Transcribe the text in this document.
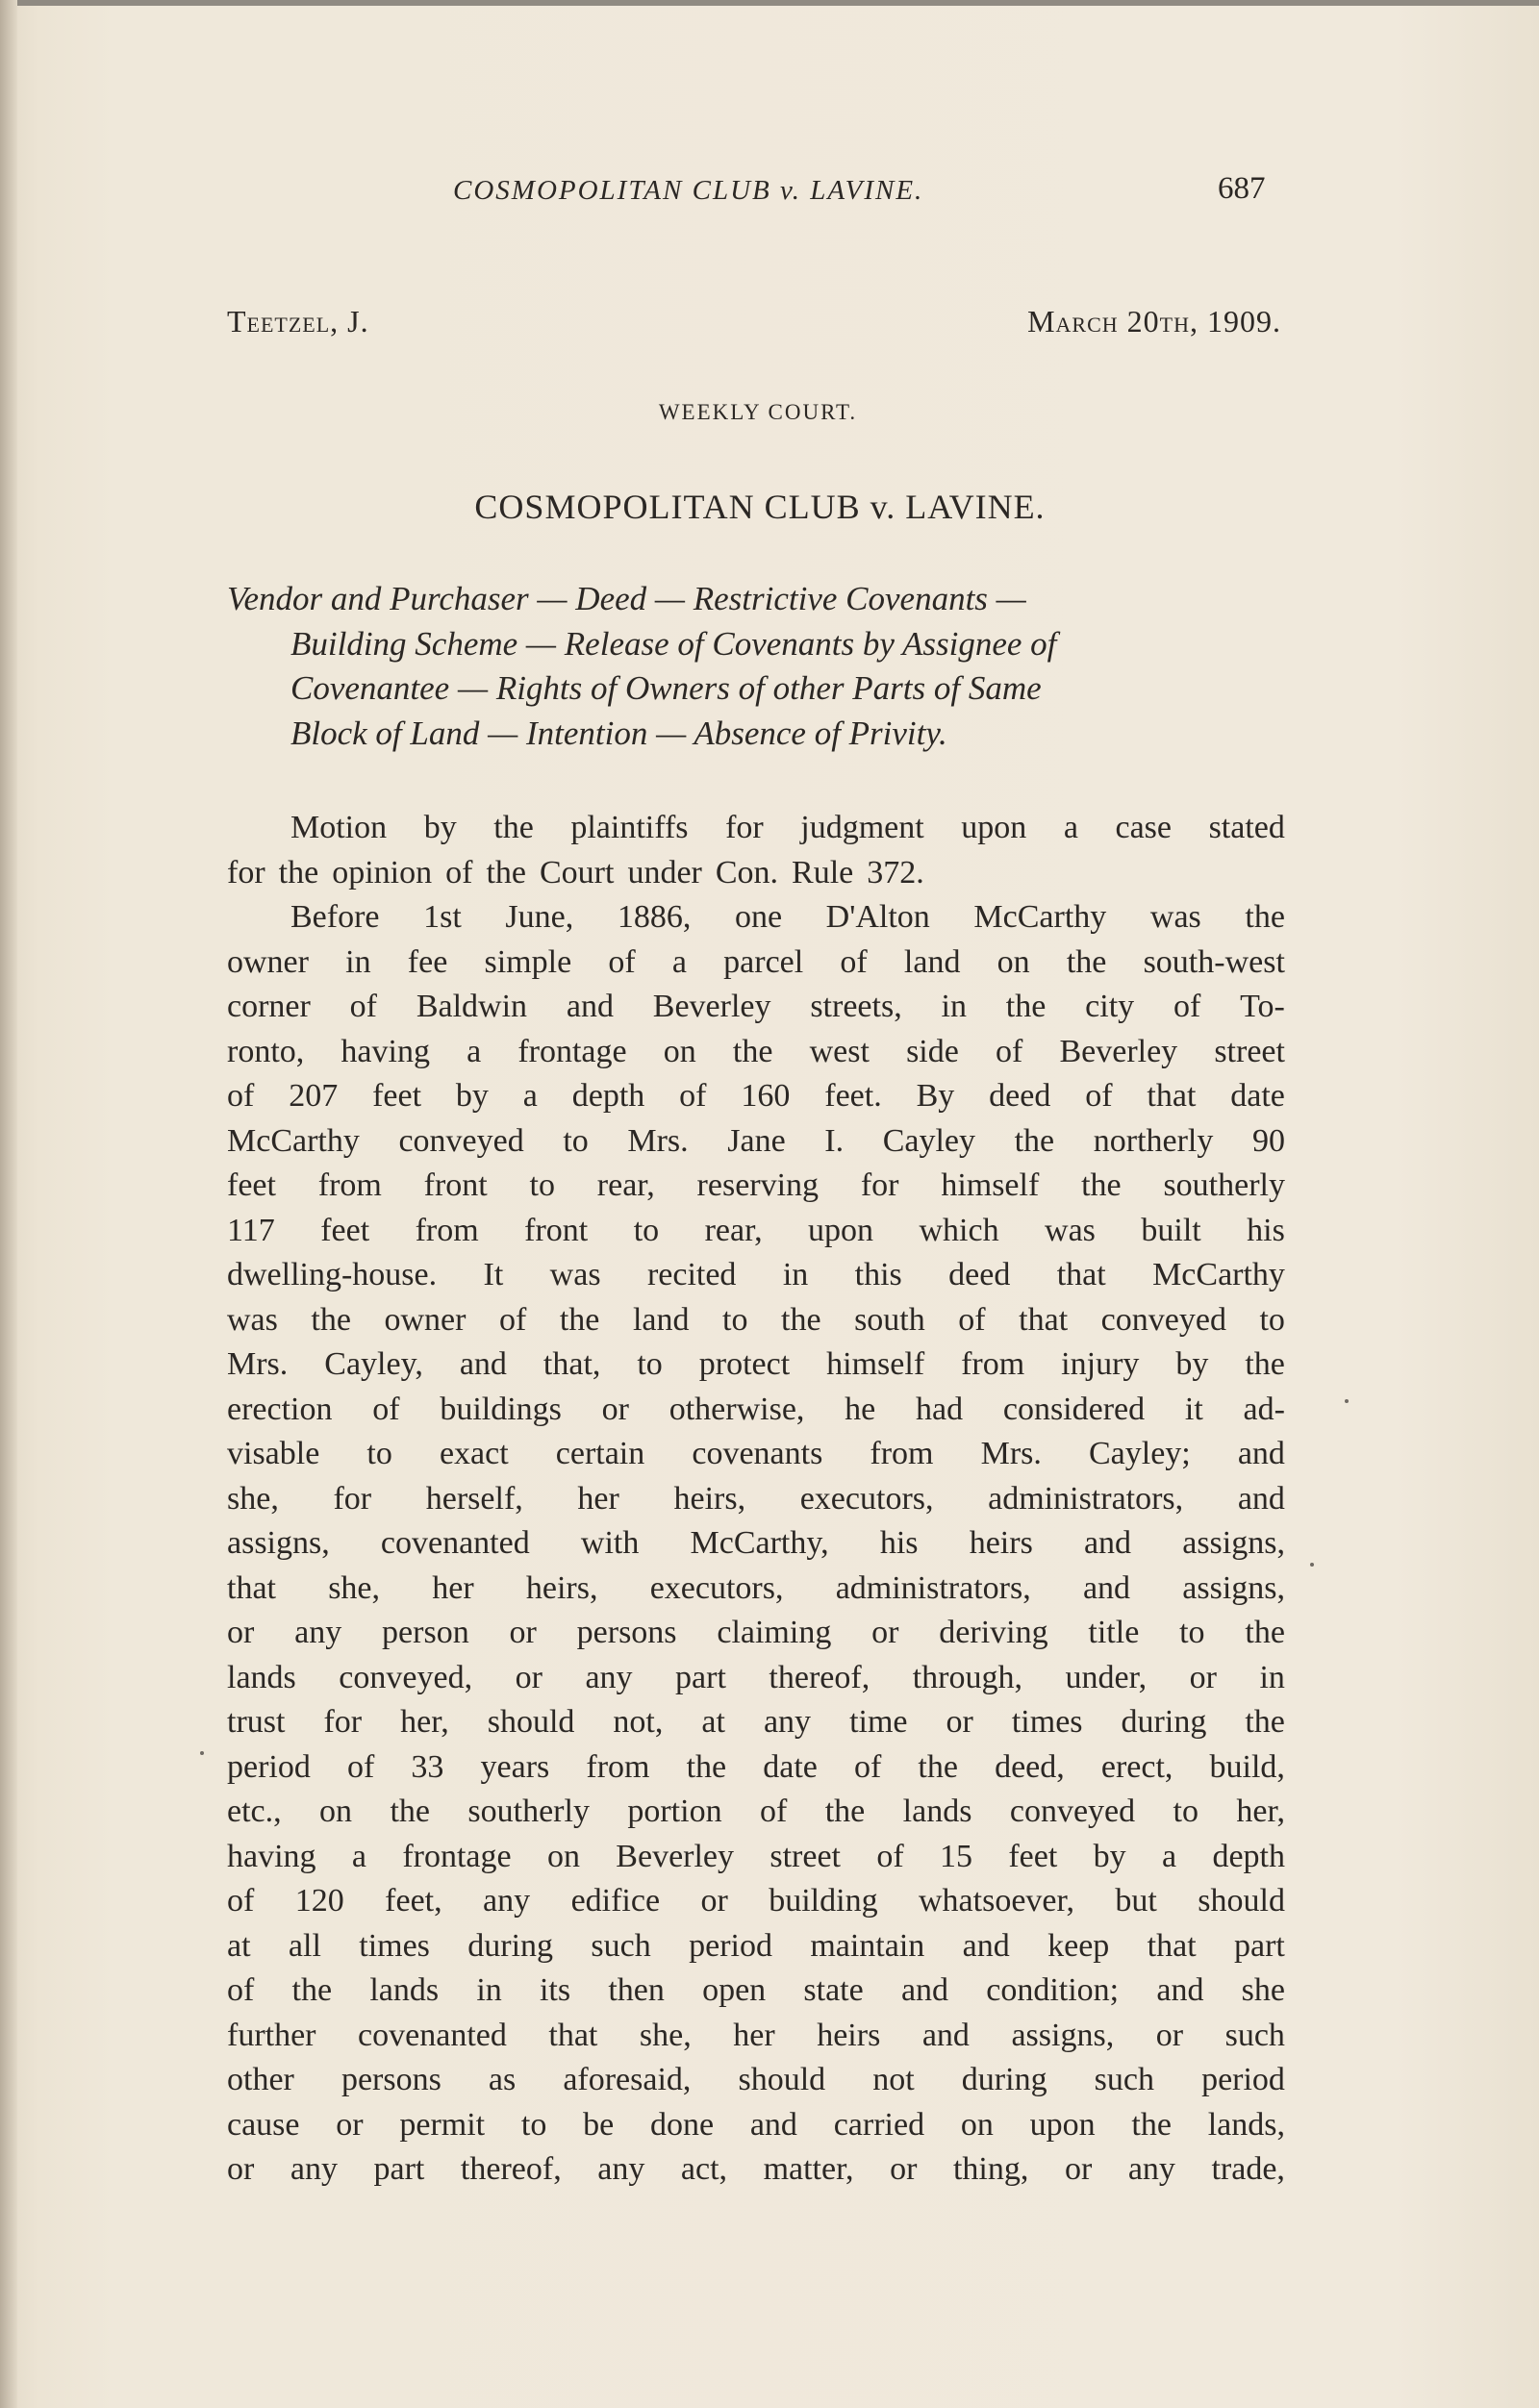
COSMOPOLITAN CLUB v. LAVINE.	687
Teetzel, J.	March 20th, 1909.
WEEKLY COURT.
COSMOPOLITAN CLUB v. LAVINE.
Vendor and Purchaser — Deed — Restrictive Covenants —
Building Scheme — Release of Covenants by Assignee of
Covenantee — Rights of Owners of other Parts of Same
Block of Land — Intention — Absence of Privity.
Motion by the plaintiffs for judgment upon a case stated
for the opinion of the Court under Con. Rule 372.
Before 1st June, 1886, one D'Alton McCarthy was the
owner in fee simple of a parcel of land on the south-west
corner of Baldwin and Beverley streets, in the city of To-
ronto, having a frontage on the west side of Beverley street
of 207 feet by a depth of 160 feet. By deed of that date
McCarthy conveyed to Mrs. Jane I. Cayley the northerly 90
feet from front to rear, reserving for himself the southerly
117 feet from front to rear, upon which was built his
dwelling-house. It was recited in this deed that McCarthy
was the owner of the land to the south of that conveyed to
Mrs. Cayley, and that, to protect himself from injury by the
erection of buildings or otherwise, he had considered it ad-
visable to exact certain covenants from Mrs. Cayley; and
she, for herself, her heirs, executors, administrators, and
assigns, covenanted with McCarthy, his heirs and assigns,
that she, her heirs, executors, administrators, and assigns,
or any person or persons claiming or deriving title to the
lands conveyed, or any part thereof, through, under, or in
trust for her, should not, at any time or times during the
period of 33 years from the date of the deed, erect, build,
etc., on the southerly portion of the lands conveyed to her,
having a frontage on Beverley street of 15 feet by a depth
of 120 feet, any edifice or building whatsoever, but should
at all times during such period maintain and keep that part
of the lands in its then open state and condition; and she
further covenanted that she, her heirs and assigns, or such
other persons as aforesaid, should not during such period
cause or permit to be done and carried on upon the lands,
or any part thereof, any act, matter, or thing, or any trade,
